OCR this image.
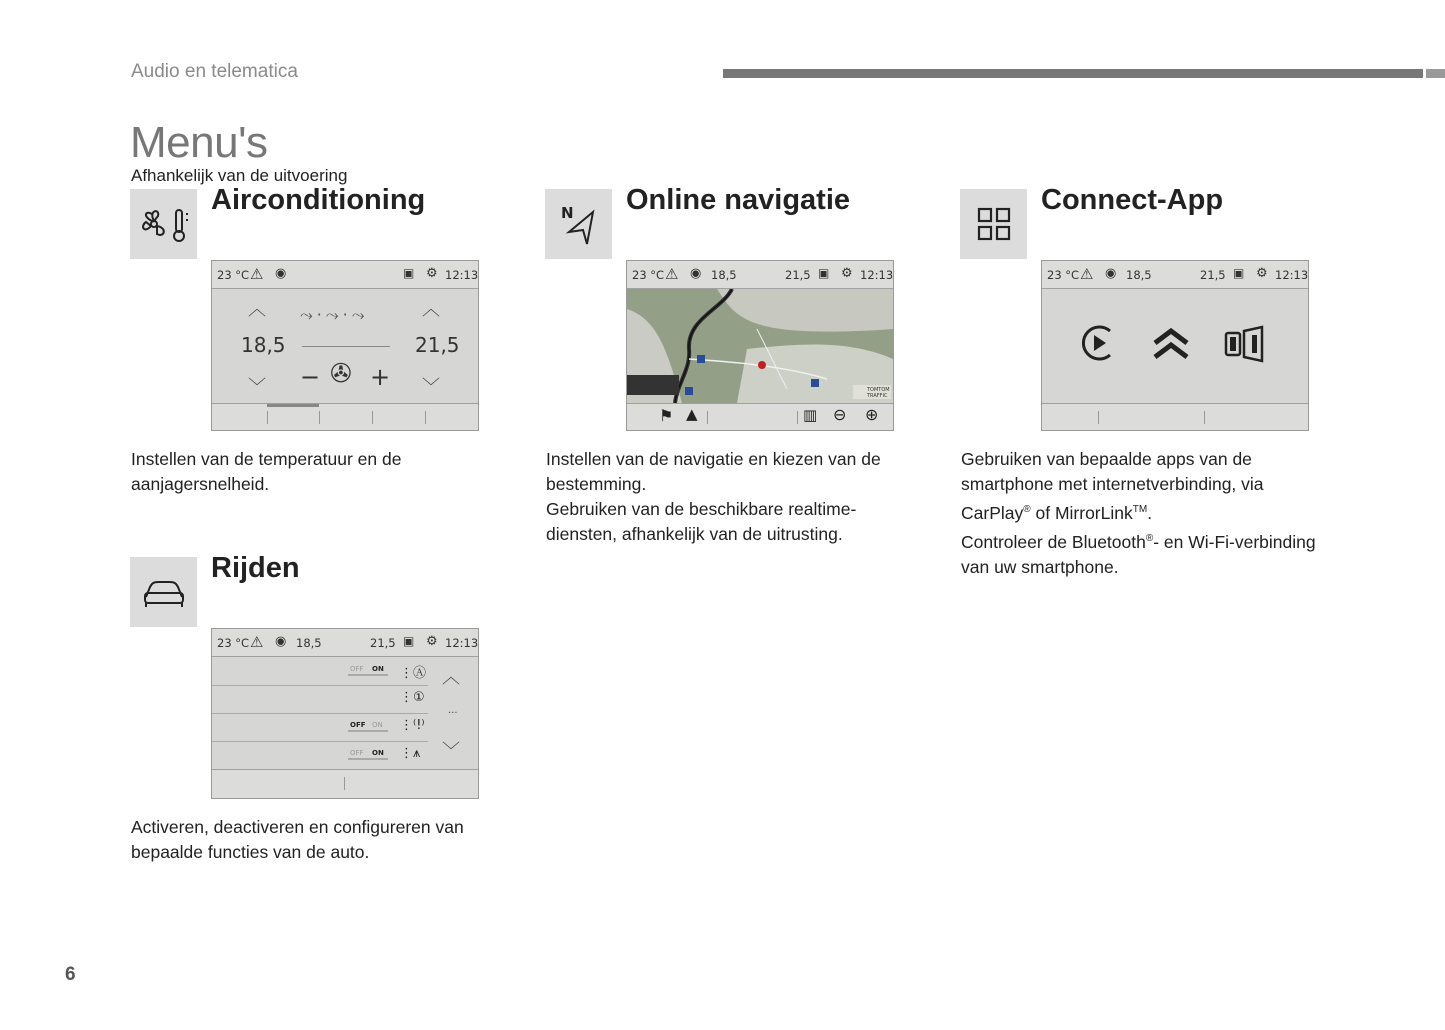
Audio en telematica
Menu's
Afhankelijk van de uitvoering
Airconditioning
23 °C ⚠ ◉	▣ ⚙ 12:13
︿
18,5
﹀
︿
21,5
﹀
⤳·⤳·⤳
− ✇ +
Instellen van de temperatuur en de
aanjagersnelheid.
N Online navigatie
23 °C ⚠ ◉ 18,5	21,5 ▣ ⚙ 12:13
TOMTOM
TRAFFIC
⚑ ▲	▥ ⊖ ⊕
Instellen van de navigatie en kiezen van de
bestemming.
Gebruiken van de beschikbare realtime-
diensten, afhankelijk van de uitrusting.
Connect-App
23 °C ⚠ ◉ 18,5	21,5 ▣ ⚙ 12:13
Gebruiken van bepaalde apps van de
smartphone met internetverbinding, via
CarPlay® of MirrorLink™.
Controleer de Bluetooth®- en Wi-Fi-verbinding
van uw smartphone.
Rijden
23 °C ⚠ ◉ 18,5	21,5 ▣ ⚙ 12:13
OFF ON ⋮Ⓐ
⋮①
OFF ON ⋮⁽!⁾
OFF ON ⋮⩚
︿
...
﹀
Activeren, deactiveren en configureren van
bepaalde functies van de auto.
6
